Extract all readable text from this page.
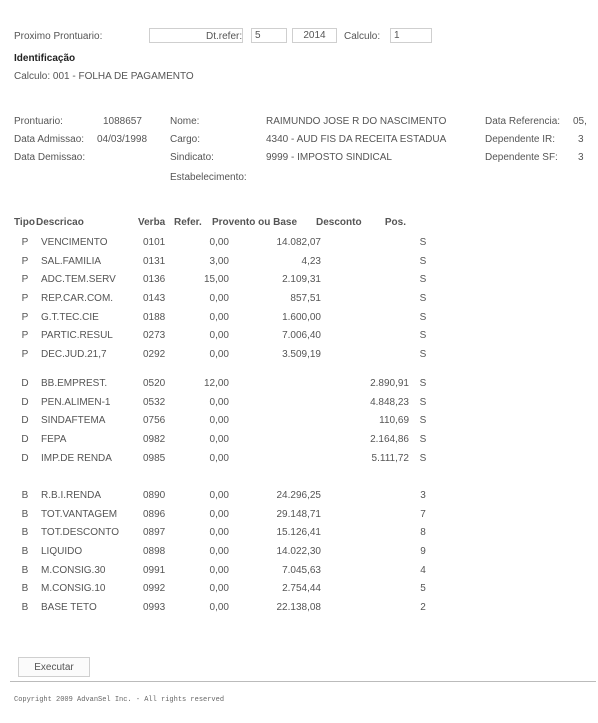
Proximo Prontuario:	Dt.refer:
5
2014	Calculo:
1
Identificação
Calculo: 001 - FOLHA DE PAGAMENTO
Prontuario:	1088657	Nome:	RAIMUNDO JOSE R DO NASCIMENTO	Data Referencia: 05,
Data Admissao: 04/03/1998 Cargo:	4340 - AUD FIS DA RECEITA ESTADUA	Dependente IR: 3
Data Demissao:	Sindicato:	9999 - IMPOSTO SINDICAL	Dependente SF: 3
Estabelecimento:
Tipo	Descricao	Verba	Refer.	Provento ou Base	Desconto	Pos.
P	VENCIMENTO	0101	0,00	14.082,07		S
P	SAL.FAMILIA	0131	3,00	4,23		S
P	ADC.TEM.SERV	0136	15,00	2.109,31		S
P	REP.CAR.COM.	0143	0,00	857,51		S
P	G.T.TEC.CIE	0188	0,00	1.600,00		S
P	PARTIC.RESUL	0273	0,00	7.006,40		S
P	DEC.JUD.21,7	0292	0,00	3.509,19		S
D	BB.EMPREST.	0520	12,00		2.890,91	S
D	PEN.ALIMEN-1	0532	0,00		4.848,23	S
D	SINDAFTEMA	0756	0,00		110,69	S
D	FEPA	0982	0,00		2.164,86	S
D	IMP.DE RENDA	0985	0,00		5.111,72	S
B	R.B.I.RENDA	0890	0,00	24.296,25		3
B	TOT.VANTAGEM	0896	0,00	29.148,71		7
B	TOT.DESCONTO	0897	0,00	15.126,41		8
B	LIQUIDO	0898	0,00	14.022,30		9
B	M.CONSIG.30	0991	0,00	7.045,63		4
B	M.CONSIG.10	0992	0,00	2.754,44		5
B	BASE TETO	0993	0,00	22.138,08		2
Executar
Copyright 2009 AdvanSel Inc. - All rights reserved
